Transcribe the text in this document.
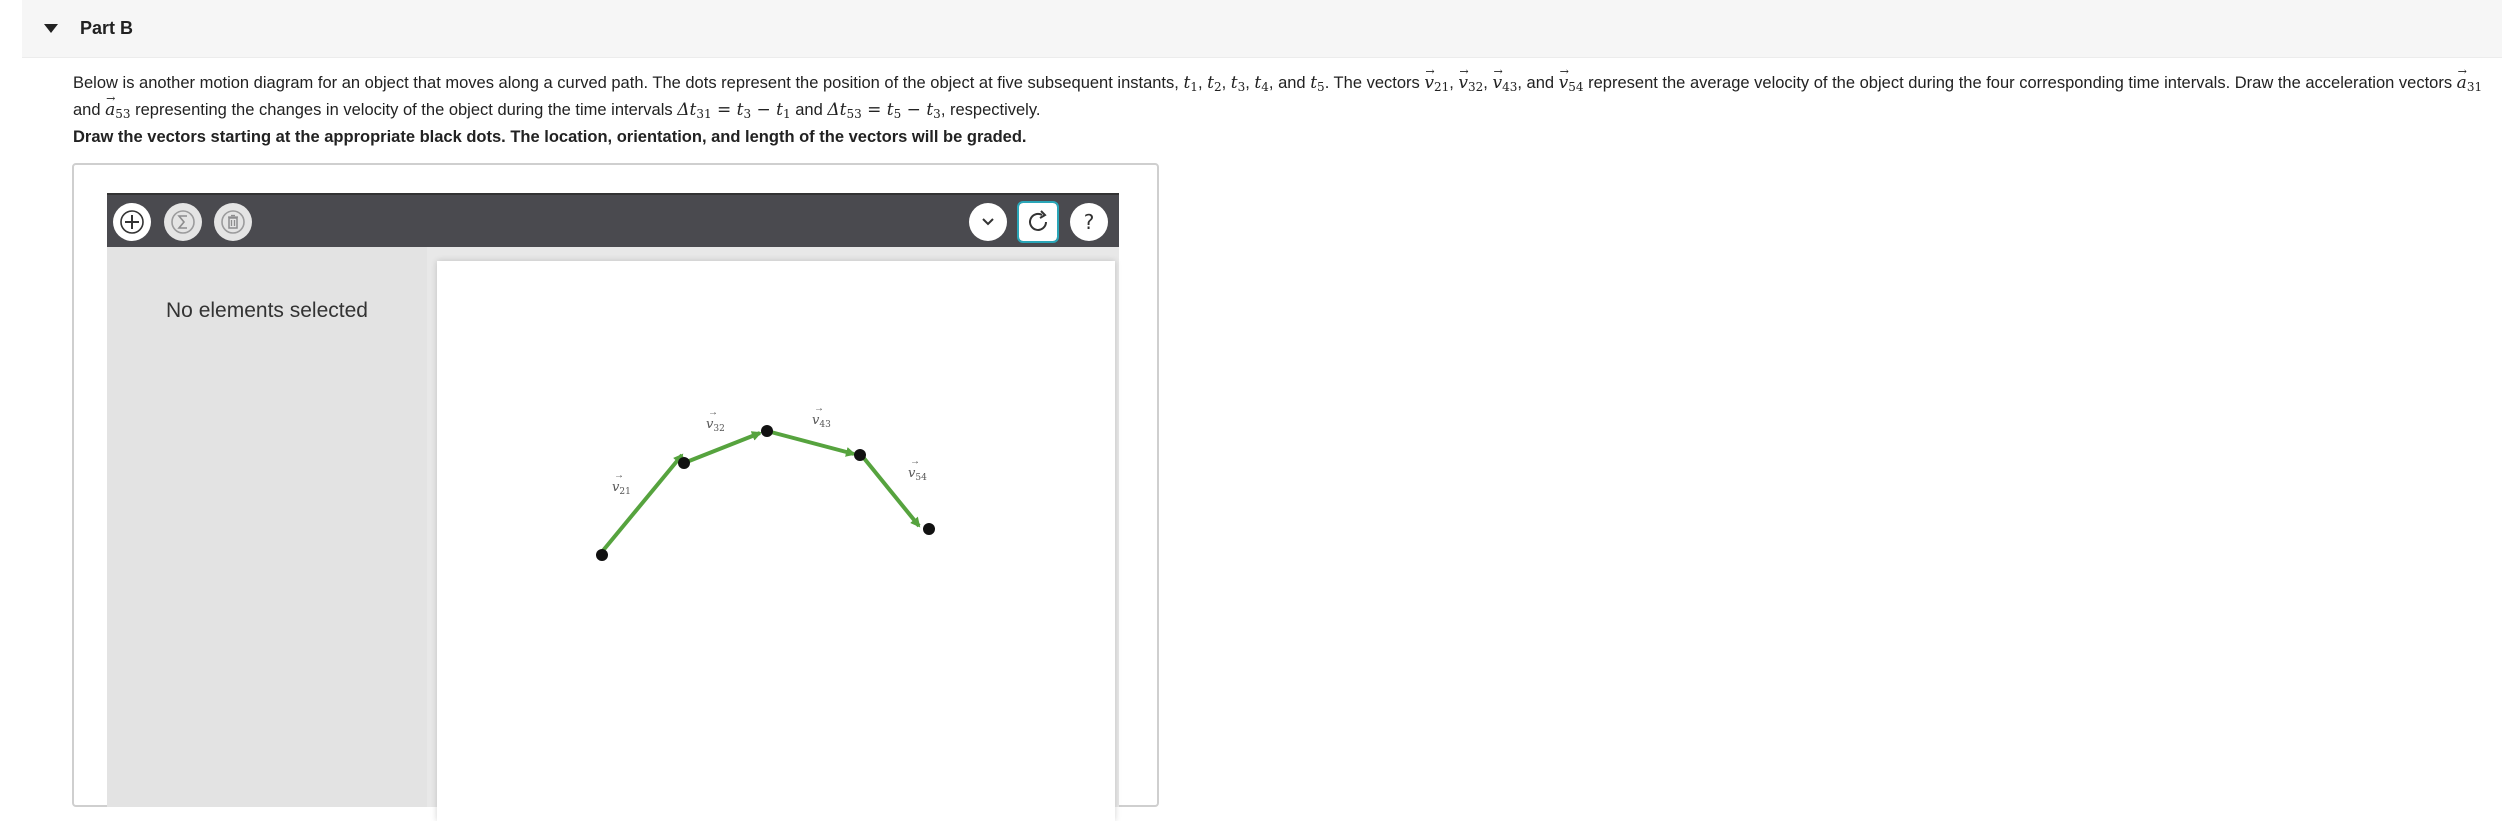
Part B
Below is another motion diagram for an object that moves along a curved path. The dots represent the position of the object at five subsequent instants, $t_1$, $t_2$, $t_3$, $t_4$, and $t_5$. The vectors → $v_{21}$, → $v_{32}$, → $v_{43}$, and → $v_{54}$ represent the average velocity of the object during the four corresponding time intervals. Draw the acceleration vectors → $a_{31}$ and → $a_{53}$ representing the changes in velocity of the object during the time intervals $\Delta t_{31} = t_3 - t_1$ and $\Delta t_{53} = t_5 - t_3$, respectively.
Draw the vectors starting at the appropriate black dots. The location, orientation, and length of the vectors will be graded.
?
No elements selected
$v_{21}$
→
$v_{32}$
→
$v_{43}$
→
$v_{54}$
→
